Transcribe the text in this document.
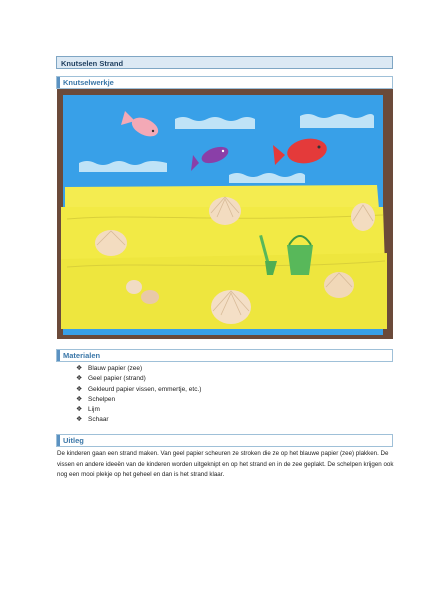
Knutselen Strand
Knutselwerkje
Materialen
❖ Blauw papier (zee)
❖ Geel papier (strand)
❖ Gekleurd papier vissen, emmertje, etc.)
❖ Schelpen
❖ Lijm
❖ Schaar
Uitleg

De kinderen gaan een strand maken. Van geel papier scheuren ze stroken die ze op het blauwe papier (zee) plakken. De vissen en andere ideeën van de kinderen worden uitgeknipt en op het strand en in de zee geplakt. De schelpen krijgen ook nog een mooi plekje op het geheel en dan is het strand klaar.
